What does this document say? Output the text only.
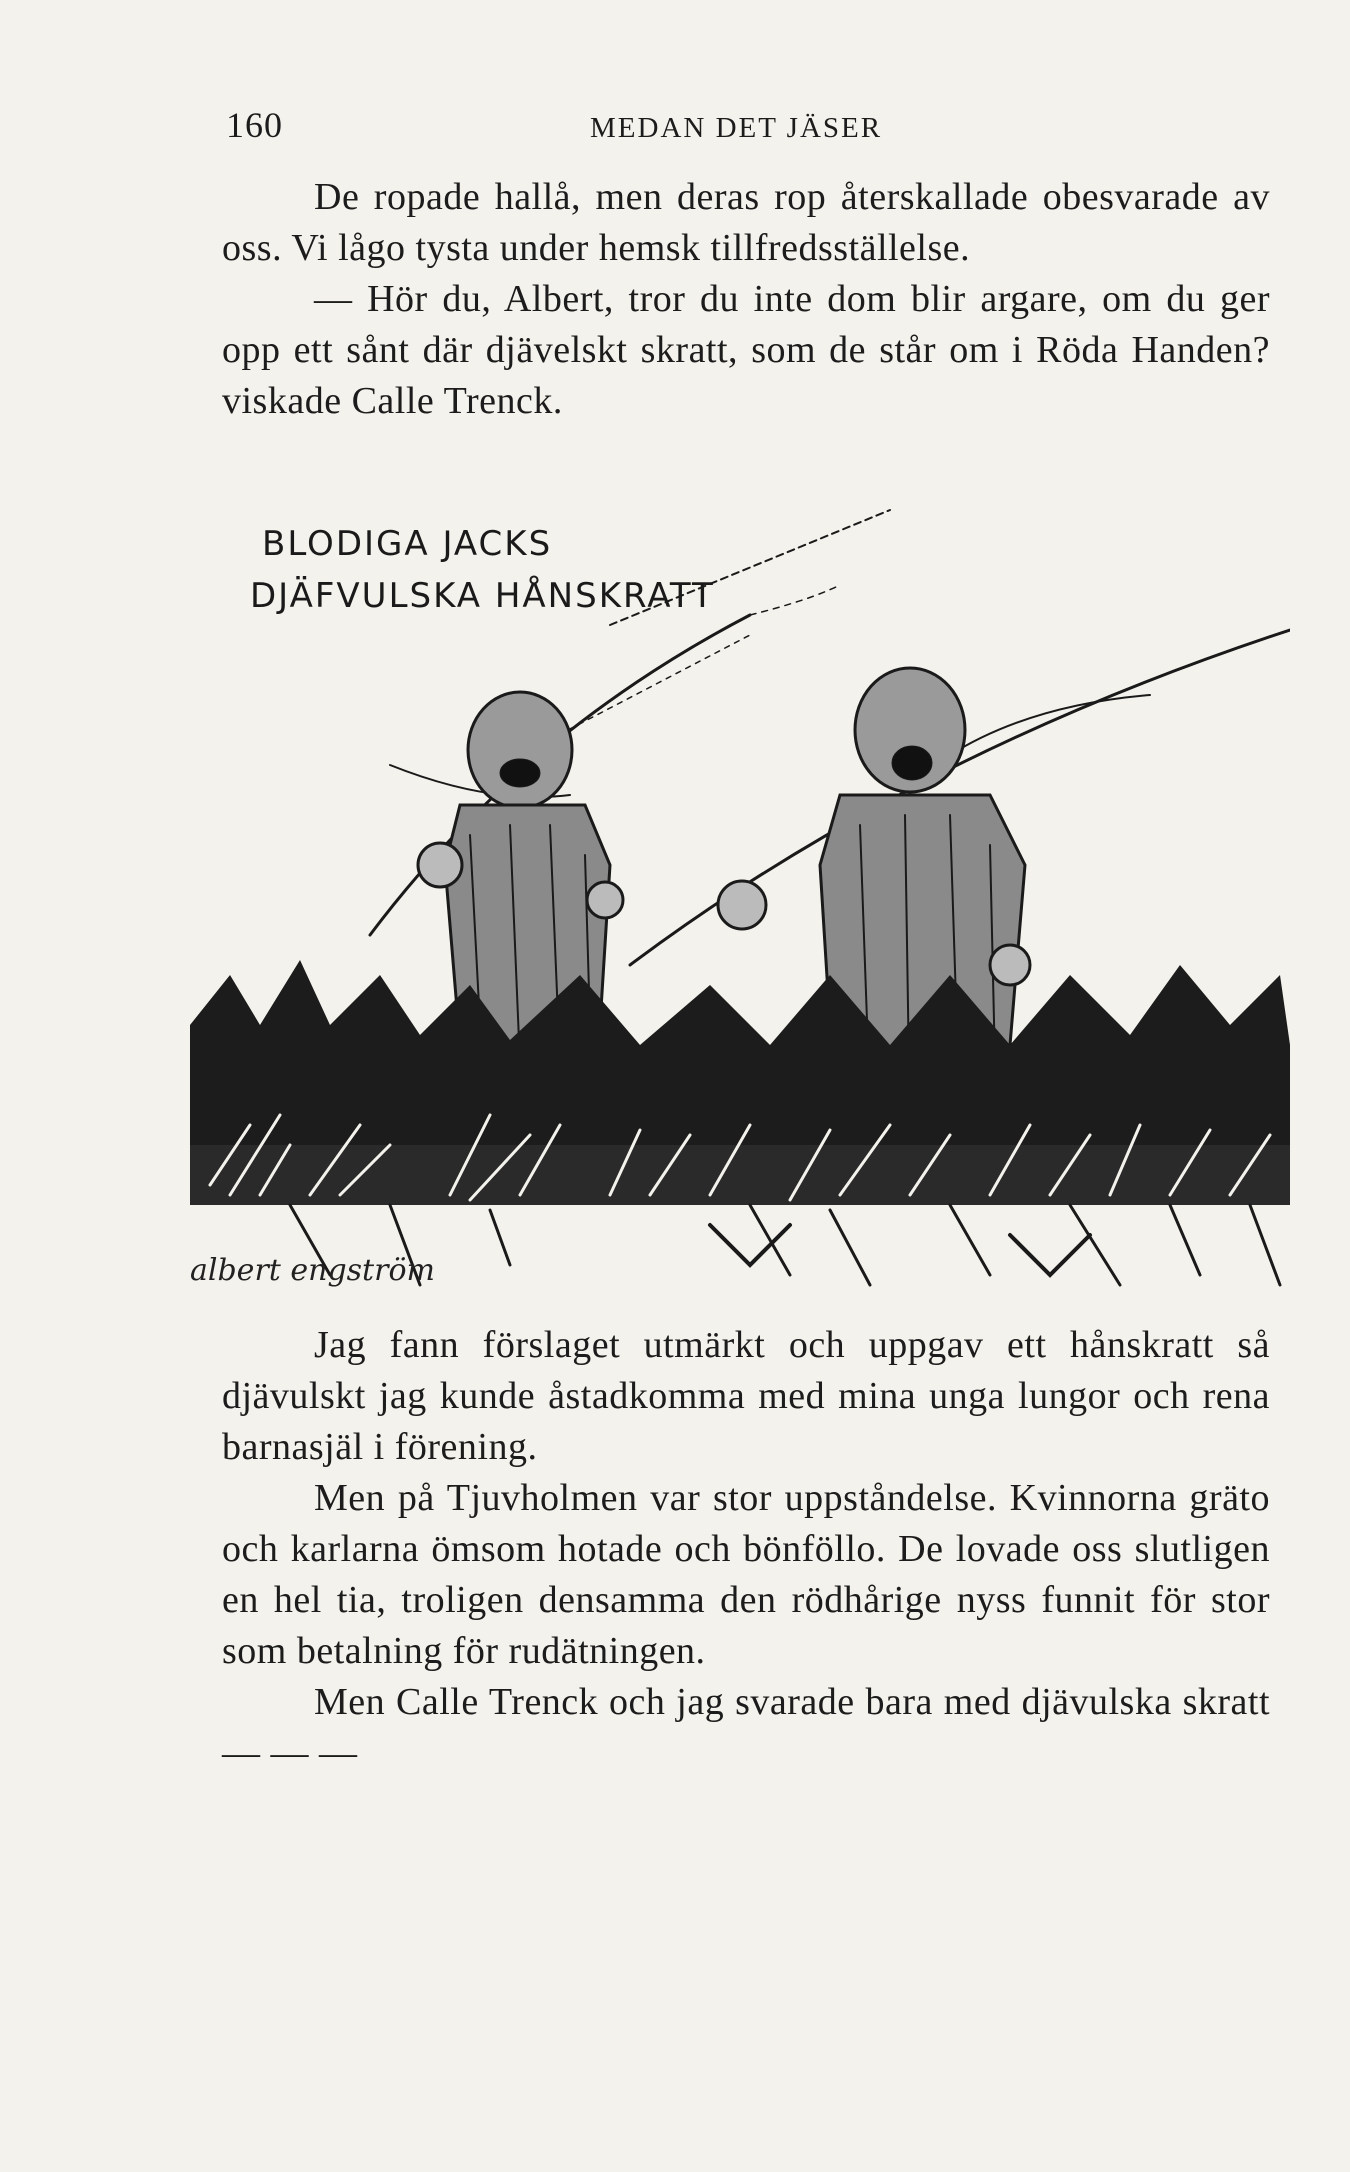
160	MEDAN DET JÄSER

De ropade hallå, men deras rop återskallade obesvarade av oss. Vi lågo tysta under hemsk tillfredsställelse.

— Hör du, Albert, tror du inte dom blir argare, om du ger opp ett sånt där djävelskt skratt, som de står om i Röda Handen? viskade Calle Trenck.

BLODIGA JACKS
DJÄFVULSKA HÅNSKRATT
albert engström

Jag fann förslaget utmärkt och uppgav ett hånskratt så djävulskt jag kunde åstadkomma med mina unga lungor och rena barnasjäl i förening.

Men på Tjuvholmen var stor uppståndelse. Kvinnorna gräto och karlarna ömsom hotade och bönföllo. De lovade oss slutligen en hel tia, troligen densamma den rödhårige nyss funnit för stor som betalning för rudätningen.

Men Calle Trenck och jag svarade bara med djävulska skratt — — —
